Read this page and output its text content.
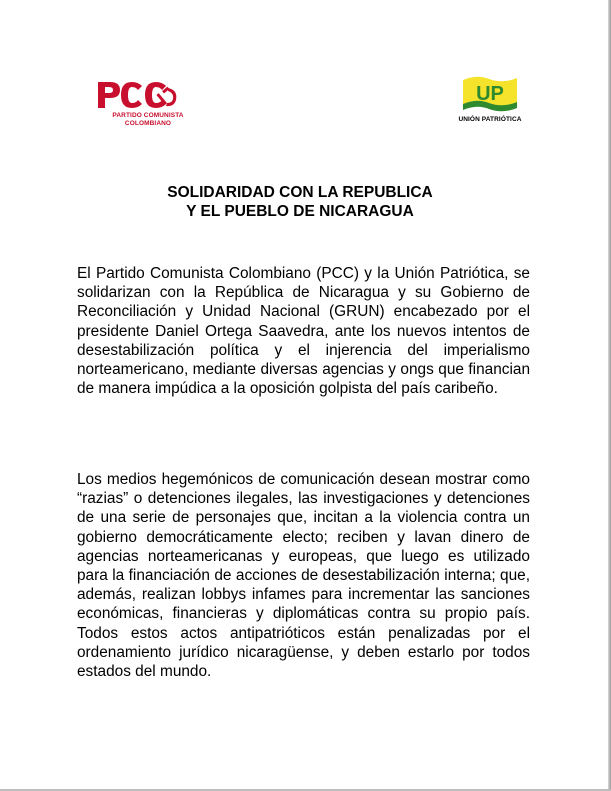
PARTIDO COMUNISTA COLOMBIANO
UP
UNIÓN PATRIÓTICA
SOLIDARIDAD CON LA REPUBLICA
Y EL PUEBLO DE NICARAGUA

El Partido Comunista Colombiano (PCC) y la Unión Patriótica, se solidarizan con la República de Nicaragua y su Gobierno de Reconciliación y Unidad Nacional (GRUN) encabezado por el presidente Daniel Ortega Saavedra, ante los nuevos intentos de desestabilización política y el injerencia del imperialismo norteamericano, mediante diversas agencias y ongs que financian de manera impúdica a la oposición golpista del país caribeño.

Los medios hegemónicos de comunicación desean mostrar como “razias” o detenciones ilegales, las investigaciones y detenciones de una serie de personajes que, incitan a la violencia contra un gobierno democráticamente electo; reciben y lavan dinero de agencias norteamericanas y europeas, que luego es utilizado para la financiación de acciones de desestabilización interna; que, además, realizan lobbys infames para incrementar las sanciones económicas, financieras y diplomáticas contra su propio país. Todos estos actos antipatrióticos están penalizadas por el ordenamiento jurídico nicaragüense, y deben estarlo por todos estados del mundo.
